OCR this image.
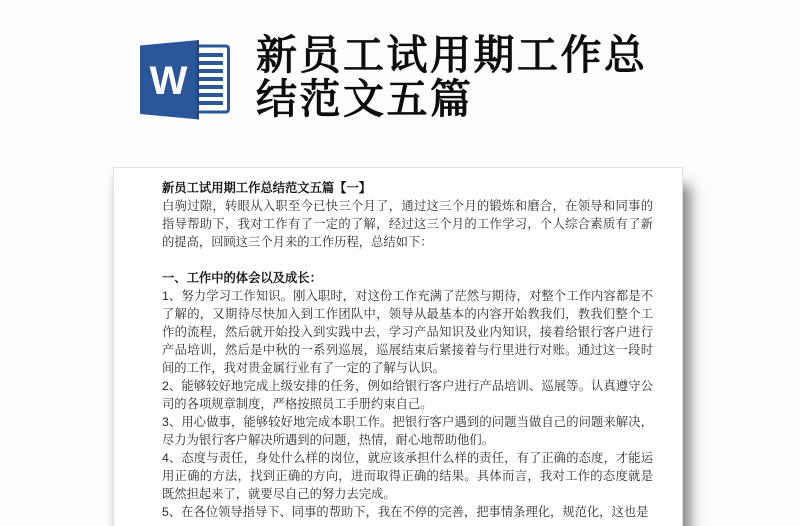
W
新员工试用期工作总结范文五篇

新员工试用期工作总结范文五篇【一】

白驹过隙，转眼从入职至今已快三个月了，通过这三个月的锻炼和磨合，在领导和同事的指导帮助下，我对工作有了一定的了解，经过这三个月的工作学习，个人综合素质有了新的提高，回顾这三个月来的工作历程，总结如下：

一、工作中的体会以及成长：

1、努力学习工作知识。刚入职时，对这份工作充满了茫然与期待，对整个工作内容都是不了解的，又期待尽快加入到工作团队中，领导从最基本的内容开始教我们，教我们整个工作的流程，然后就开始投入到实践中去，学习产品知识及业内知识，接着给银行客户进行产品培训，然后是中秋的一系列巡展，巡展结束后紧接着与行里进行对账。通过这一段时间的工作，我对贵金属行业有了一定的了解与认识。

2、能够较好地完成上级安排的任务，例如给银行客户进行产品培训、巡展等。认真遵守公司的各项规章制度，严格按照员工手册约束自己。

3、用心做事，能够较好地完成本职工作。把银行客户遇到的问题当做自己的问题来解决，尽力为银行客户解决所遇到的问题，热情，耐心地帮助他们。

4、态度与责任，身处什么样的岗位，就应该承担什么样的责任，有了正确的态度，才能运用正确的方法，找到正确的方向，进而取得正确的结果。具体而言，我对工作的态度就是既然担起来了，就要尽自己的努力去完成。

5、在各位领导指导下、同事的帮助下，我在不停的完善，把事情条理化，规范化，这也是
